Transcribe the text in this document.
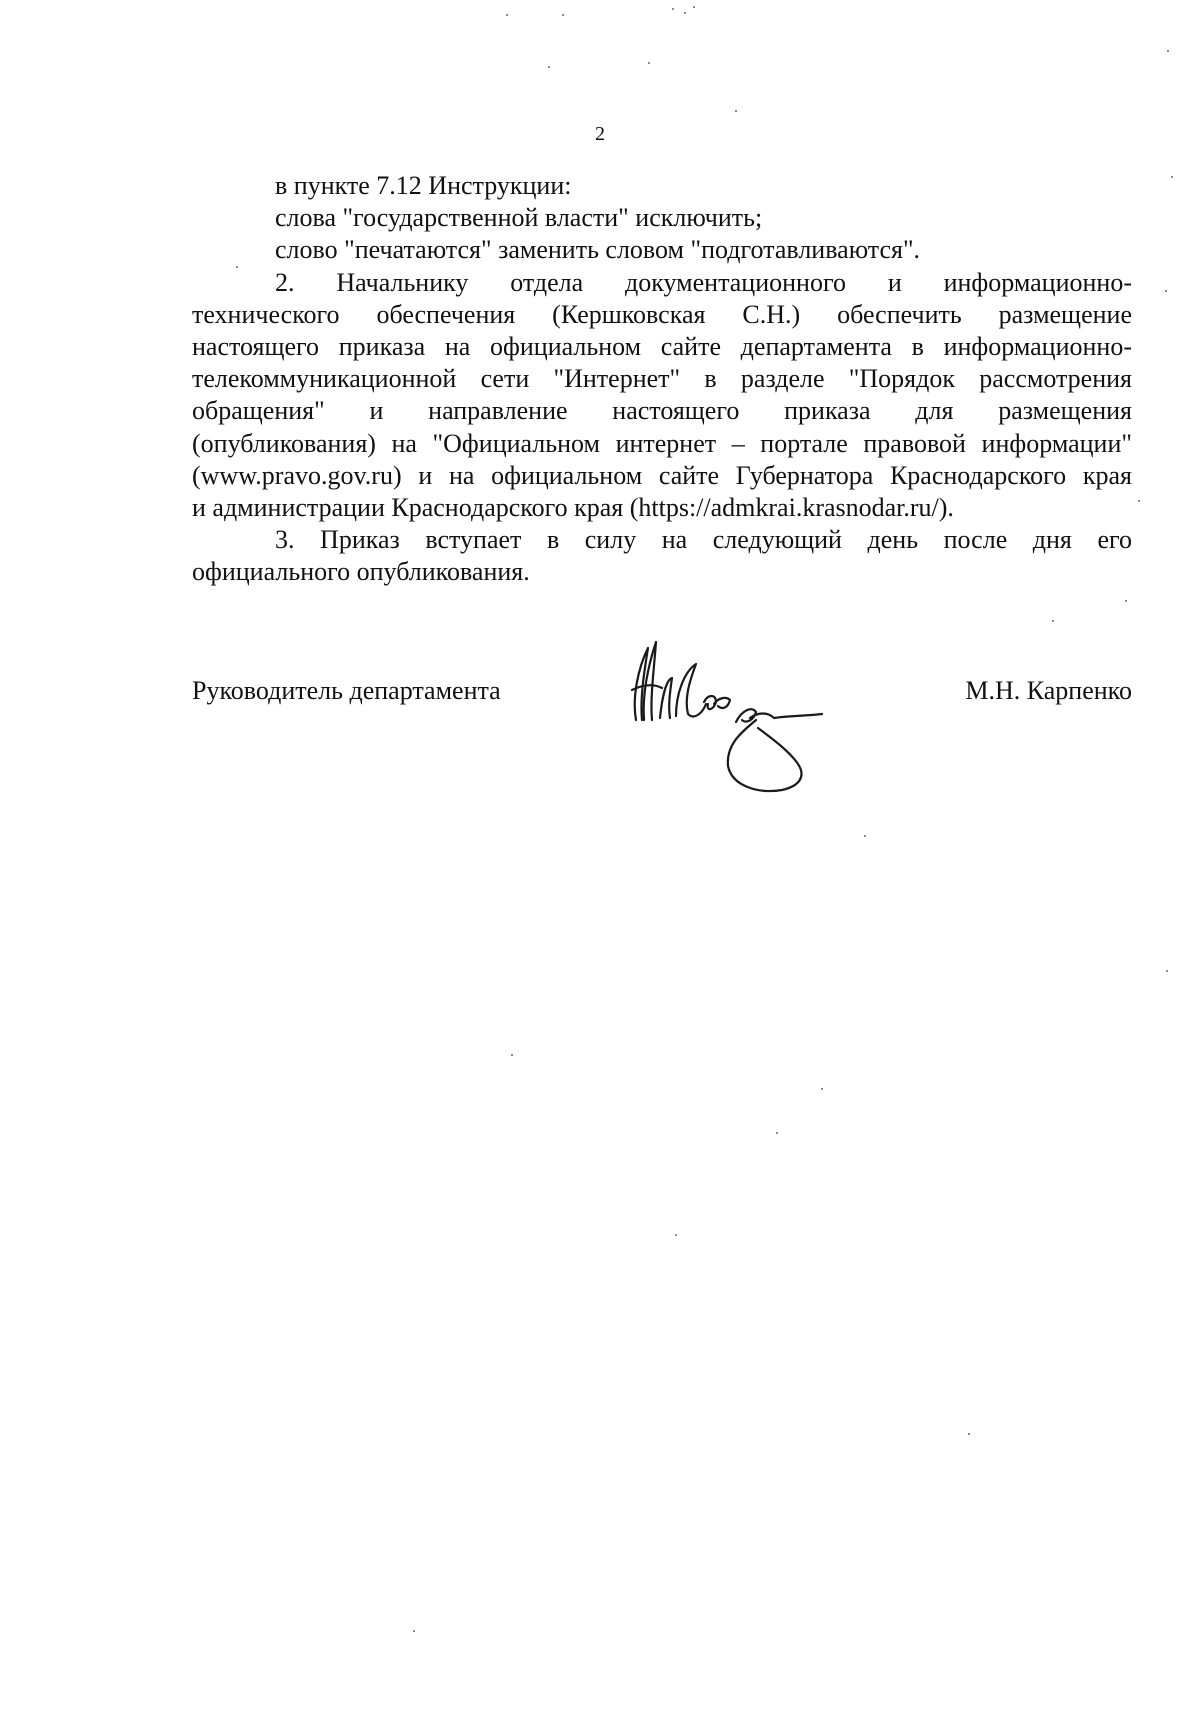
2
в пункте 7.12 Инструкции:
слова "государственной власти" исключить;
слово "печатаются" заменить словом "подготавливаются".
2. Начальнику отдела документационного и информационно-
технического обеспечения (Кершковская С.Н.) обеспечить размещение
настоящего приказа на официальном сайте департамента в информационно-
телекоммуникационной сети "Интернет" в разделе "Порядок рассмотрения
обращения" и направление настоящего приказа для размещения
(опубликования) на "Официальном интернет – портале правовой информации"
(www.pravo.gov.ru) и на официальном сайте Губернатора Краснодарского края
и администрации Краснодарского края (https://admkrai.krasnodar.ru/).
3. Приказ вступает в силу на следующий день после дня его
официального опубликования.
Руководитель департамента	М.Н. Карпенко
